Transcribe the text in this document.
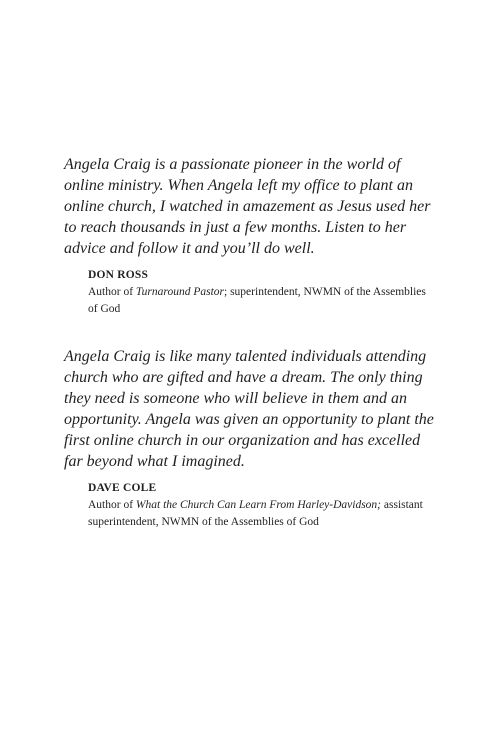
Angela Craig is a passionate pioneer in the world of online ministry. When Angela left my office to plant an online church, I watched in amazement as Jesus used her to reach thousands in just a few months. Listen to her advice and follow it and you’ll do well.

DON ROSS
Author of Turnaround Pastor; superintendent, NWMN of the Assemblies of God

Angela Craig is like many talented individuals attending church who are gifted and have a dream. The only thing they need is someone who will believe in them and an opportunity. Angela was given an opportunity to plant the first online church in our organization and has excelled far beyond what I imagined.

DAVE COLE
Author of What the Church Can Learn From Harley-Davidson; assistant superintendent, NWMN of the Assemblies of God
